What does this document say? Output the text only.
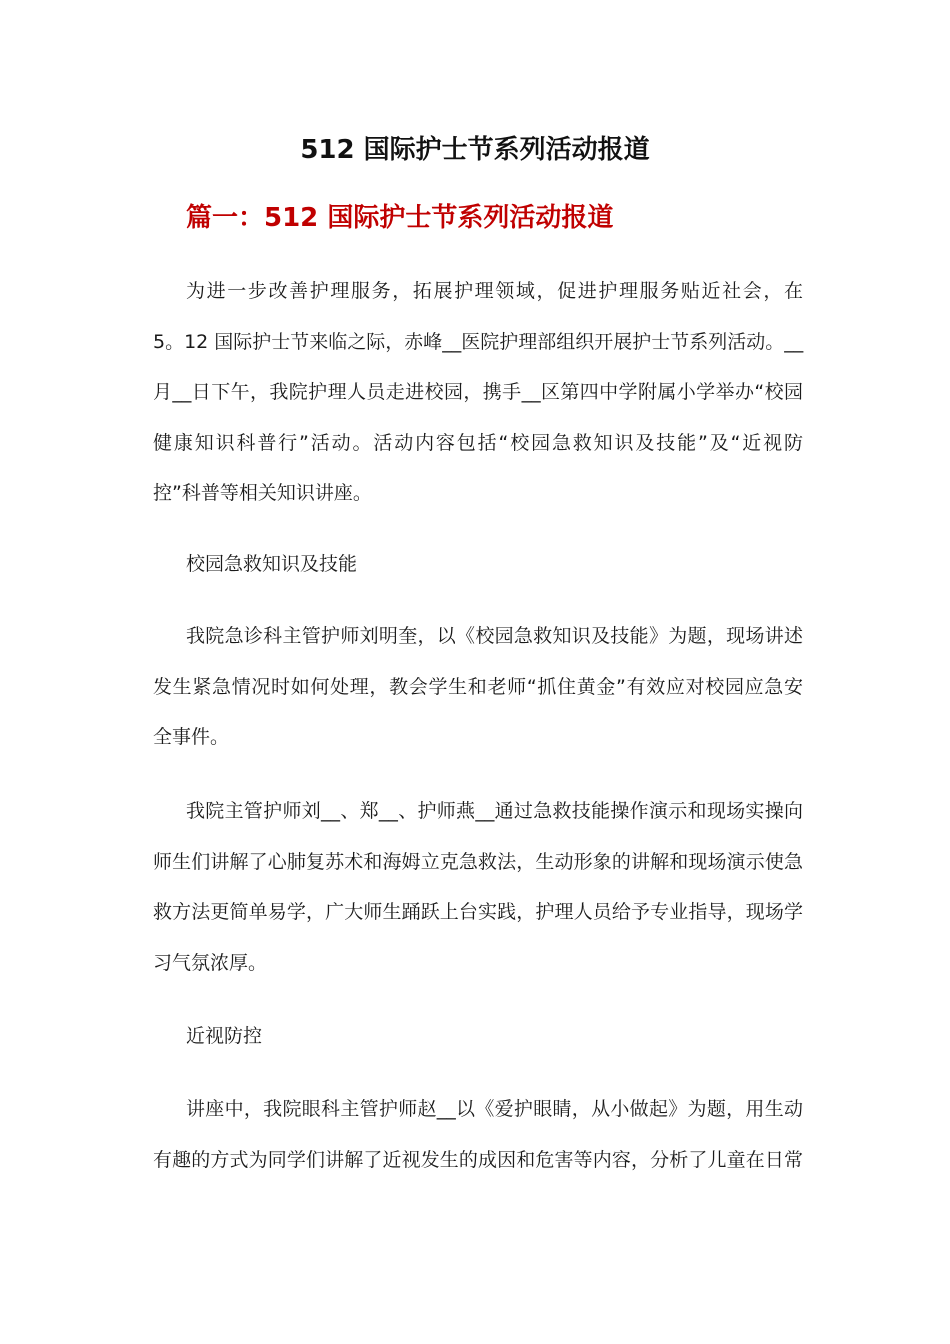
512 国际护士节系列活动报道
篇一：512 国际护士节系列活动报道

为进一步改善护理服务，拓展护理领域，促进护理服务贴近社会，在
5。12 国际护士节来临之际，赤峰__医院护理部组织开展护士节系列活动。__
月__日下午，我院护理人员走进校园，携手__区第四中学附属小学举办“校园
健康知识科普行”活动。活动内容包括“校园急救知识及技能”及“近视防
控”科普等相关知识讲座。

校园急救知识及技能

我院急诊科主管护师刘明奎，以《校园急救知识及技能》为题，现场讲述
发生紧急情况时如何处理，教会学生和老师“抓住黄金”有效应对校园应急安
全事件。

我院主管护师刘__、郑__、护师燕__通过急救技能操作演示和现场实操向
师生们讲解了心肺复苏术和海姆立克急救法，生动形象的讲解和现场演示使急
救方法更简单易学，广大师生踊跃上台实践，护理人员给予专业指导，现场学
习气氛浓厚。

近视防控

讲座中，我院眼科主管护师赵__以《爱护眼睛，从小做起》为题，用生动
有趣的方式为同学们讲解了近视发生的成因和危害等内容，分析了儿童在日常
